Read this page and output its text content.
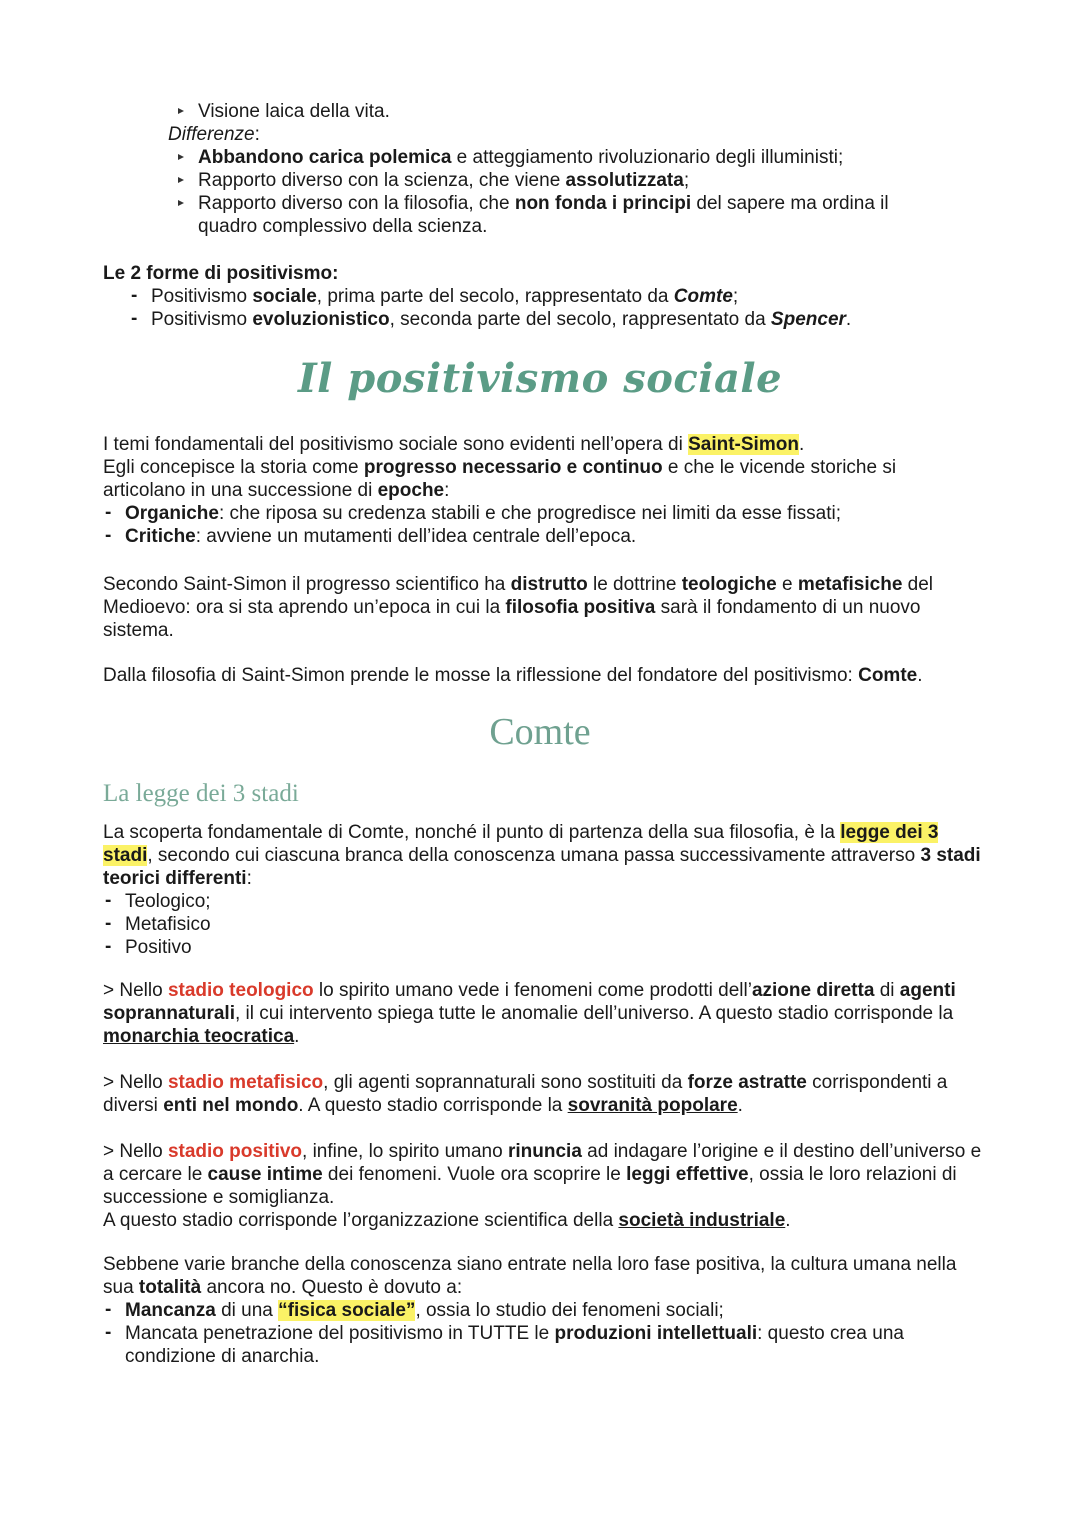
Visione laica della vita.

Differenze:

Abbandono carica polemica e atteggiamento rivoluzionario degli illuministi;
Rapporto diverso con la scienza, che viene assolutizzata;
Rapporto diverso con la filosofia, che non fonda i principi del sapere ma ordina il quadro complessivo della scienza.

Le 2 forme di positivismo:

- Positivismo sociale, prima parte del secolo, rappresentato da Comte;
- Positivismo evoluzionistico, seconda parte del secolo, rappresentato da Spencer.
Il positivismo sociale

I temi fondamentali del positivismo sociale sono evidenti nell’opera di Saint-Simon.

Egli concepisce la storia come progresso necessario e continuo e che le vicende storiche si articolano in una successione di epoche:

- Organiche: che riposa su credenza stabili e che progredisce nei limiti da esse fissati;
- Critiche: avviene un mutamenti dell’idea centrale dell’epoca.

Secondo Saint-Simon il progresso scientifico ha distrutto le dottrine teologiche e metafisiche del Medioevo: ora si sta aprendo un’epoca in cui la filosofia positiva sarà il fondamento di un nuovo sistema.

Dalla filosofia di Saint-Simon prende le mosse la riflessione del fondatore del positivismo: Comte.

Comte
La legge dei 3 stadi

La scoperta fondamentale di Comte, nonché il punto di partenza della sua filosofia, è la legge dei 3 stadi, secondo cui ciascuna branca della conoscenza umana passa successivamente attraverso 3 stadi teorici differenti:

- Teologico;
- Metafisico
- Positivo

> Nello stadio teologico lo spirito umano vede i fenomeni come prodotti dell’azione diretta di agenti soprannaturali, il cui intervento spiega tutte le anomalie dell’universo. A questo stadio corrisponde la monarchia teocratica.

> Nello stadio metafisico, gli agenti soprannaturali sono sostituiti da forze astratte corrispondenti a diversi enti nel mondo. A questo stadio corrisponde la sovranità popolare.

> Nello stadio positivo, infine, lo spirito umano rinuncia ad indagare l’origine e il destino dell’universo e a cercare le cause intime dei fenomeni. Vuole ora scoprire le leggi effettive, ossia le loro relazioni di successione e somiglianza.

A questo stadio corrisponde l’organizzazione scientifica della società industriale.

Sebbene varie branche della conoscenza siano entrate nella loro fase positiva, la cultura umana nella sua totalità ancora no. Questo è dovuto a:

- Mancanza di una “fisica sociale”, ossia lo studio dei fenomeni sociali;
- Mancata penetrazione del positivismo in TUTTE le produzioni intellettuali: questo crea una condizione di anarchia.
